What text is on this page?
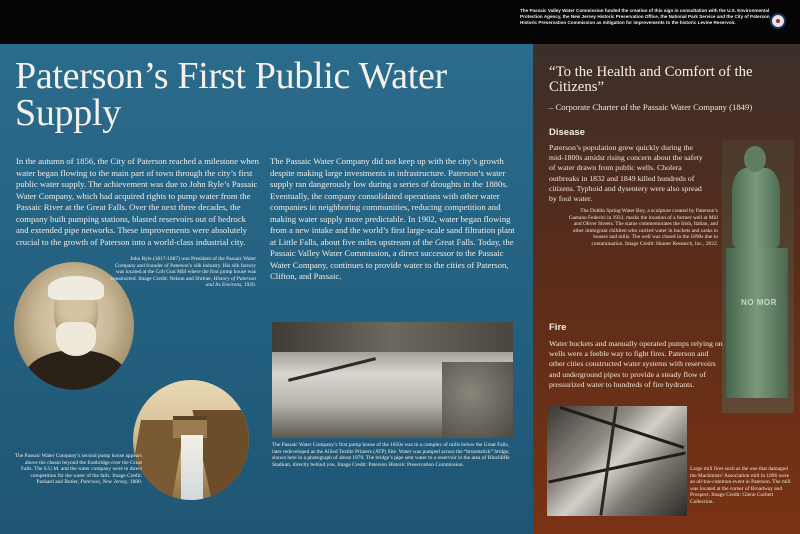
The Passaic Valley Water Commission funded the creation of this sign in consultation with the U.S. Environmental Protection Agency, the New Jersey Historic Preservation Office, the National Park Service and the City of Paterson Historic Preservation Commission as mitigation for improvements to the historic Levine Reservoir.
Paterson’s First Public Water Supply

In the autumn of 1856, the City of Paterson reached a milestone when water began flowing to the main part of town through the city’s first public water supply. The achievement was due to John Ryle’s Passaic Water Company, which had acquired rights to pump water from the Passaic River at the Great Falls. Over the next three decades, the company built pumping stations, blasted reservoirs out of bedrock and extended pipe networks. These improvements were absolutely crucial to the growth of Paterson into a world-class industrial city.

The Passaic Water Company did not keep up with the city’s growth despite making large investments in infrastructure. Paterson’s water supply ran dangerously low during a series of droughts in the 1880s. Eventually, the company consolidated operations with other water companies in neighboring communities, reducing competition and making water supply more predictable. In 1902, water began flowing from a new intake and the world’s first large-scale sand filtration plant at Little Falls, about five miles upstream of the Great Falls. Today, the Passaic Valley Water Commission, a direct successor to the Passaic Water Company, continues to provide water to the cities of Paterson, Clifton, and Passaic.

John Ryle (1817-1887) was President of the Passaic Water Company and founder of Paterson’s silk industry. His silk factory was located at the Colt Gun Mill where the first pump house was constructed. Image Credit: Nelson and Shriner, History of Paterson and Its Environs, 1920.

The Passaic Water Company’s second pump house appears above the chasm beyond the footbridge over the Great Falls. The S.U.M. and the water company were in direct competition for the water of the falls. Image Credit: Packard and Butler, Paterson, New Jersey, 1880.

The Passaic Water Company’s first pump house of the 1850s was in a complex of mills below the Great Falls, later redeveloped as the Allied Textile Printers (ATP) Site. Water was pumped across the “broomstick” bridge, shown here in a photograph of about 1870. The bridge’s pipe sent water to a reservoir in the area of Hinchliffe Stadium, directly behind you. Image Credit: Paterson Historic Preservation Commission.

“To the Health and Comfort of the Citizens”

– Corporate Charter of the Passaic Water Company (1849)

Disease

Paterson’s population grew quickly during the mid-1800s amidst rising concern about the safety of water drawn from public wells. Cholera outbreaks in 1832 and 1849 killed hundreds of citizens. Typhoid and dysentery were also spread by foul water.

NO MOR

The Dublin Spring Water Boy, a sculpture created by Paterson’s Gaetano Federici in 1931, marks the location of a former well at Mill and Oliver Streets. The statue commemorates the Irish, Italian, and other immigrant children who carried water in buckets and casks to houses and mills. The well was closed in the 1890s due to contamination. Image Credit: Hunter Research, Inc., 2022.

Fire

Water buckets and manually operated pumps relying on wells were a feeble way to fight fires. Paterson and other cities constructed water systems with reservoirs and underground pipes to provide a steady flow of pressurized water to hundreds of fire hydrants.

Large mill fires such as the one that damaged the Machinists’ Association mill in 1896 were an all-too-common event in Paterson. The mill was located at the corner of Broadway and Prospect. Image Credit: Glenn Corbett Collection.
